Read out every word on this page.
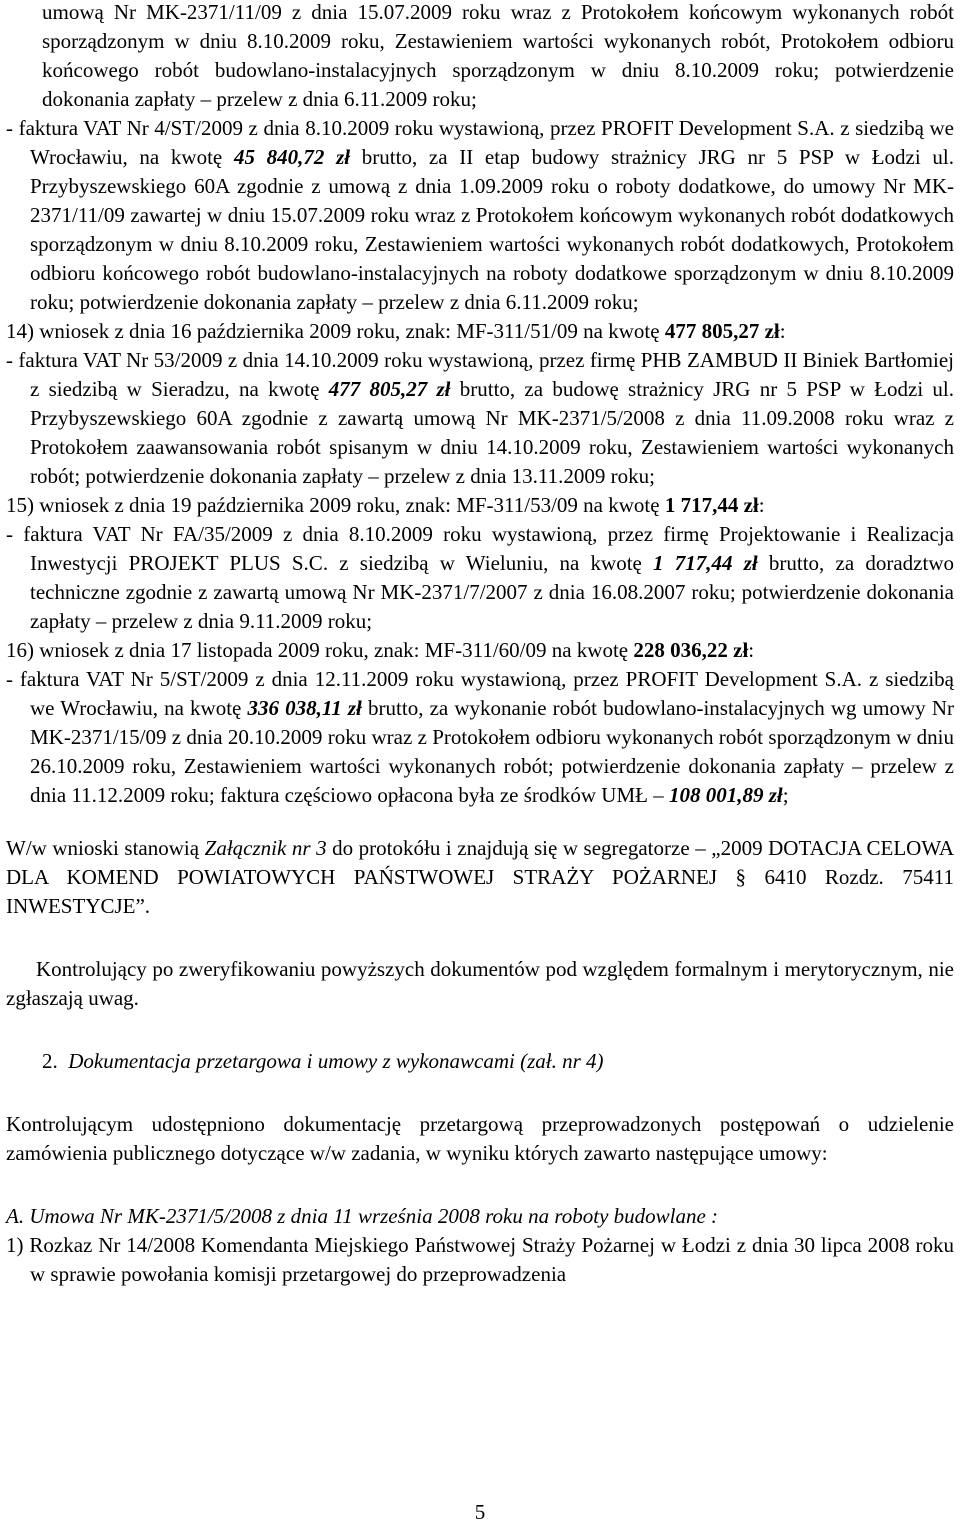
umową Nr MK-2371/11/09 z dnia 15.07.2009 roku wraz z Protokołem końcowym wykonanych robót sporządzonym w dniu 8.10.2009 roku, Zestawieniem wartości wykonanych robót, Protokołem odbioru końcowego robót budowlano-instalacyjnych sporządzonym w dniu 8.10.2009 roku; potwierdzenie dokonania zapłaty – przelew z dnia 6.11.2009 roku;

- faktura VAT Nr 4/ST/2009 z dnia 8.10.2009 roku wystawioną, przez PROFIT Development S.A. z siedzibą we Wrocławiu, na kwotę 45 840,72 zł brutto, za II etap budowy strażnicy JRG nr 5 PSP w Łodzi ul. Przybyszewskiego 60A zgodnie z umową z dnia 1.09.2009 roku o roboty dodatkowe, do umowy Nr MK-2371/11/09 zawartej w dniu 15.07.2009 roku wraz z Protokołem końcowym wykonanych robót dodatkowych sporządzonym w dniu 8.10.2009 roku, Zestawieniem wartości wykonanych robót dodatkowych, Protokołem odbioru końcowego robót budowlano-instalacyjnych na roboty dodatkowe sporządzonym w dniu 8.10.2009 roku; potwierdzenie dokonania zapłaty – przelew z dnia 6.11.2009 roku;

14) wniosek z dnia 16 października 2009 roku, znak: MF-311/51/09 na kwotę 477 805,27 zł:

- faktura VAT Nr 53/2009 z dnia 14.10.2009 roku wystawioną, przez firmę PHB ZAMBUD II Biniek Bartłomiej z siedzibą w Sieradzu, na kwotę 477 805,27 zł brutto, za budowę strażnicy JRG nr 5 PSP w Łodzi ul. Przybyszewskiego 60A zgodnie z zawartą umową Nr MK-2371/5/2008 z dnia 11.09.2008 roku wraz z Protokołem zaawansowania robót spisanym w dniu 14.10.2009 roku, Zestawieniem wartości wykonanych robót; potwierdzenie dokonania zapłaty – przelew z dnia 13.11.2009 roku;

15) wniosek z dnia 19 października 2009 roku, znak: MF-311/53/09 na kwotę 1 717,44 zł:

- faktura VAT Nr FA/35/2009 z dnia 8.10.2009 roku wystawioną, przez firmę Projektowanie i Realizacja Inwestycji PROJEKT PLUS S.C. z siedzibą w Wieluniu, na kwotę 1 717,44 zł brutto, za doradztwo techniczne zgodnie z zawartą umową Nr MK-2371/7/2007 z dnia 16.08.2007 roku; potwierdzenie dokonania zapłaty – przelew z dnia 9.11.2009 roku;

16) wniosek z dnia 17 listopada 2009 roku, znak: MF-311/60/09 na kwotę 228 036,22 zł:

- faktura VAT Nr 5/ST/2009 z dnia 12.11.2009 roku wystawioną, przez PROFIT Development S.A. z siedzibą we Wrocławiu, na kwotę 336 038,11 zł brutto, za wykonanie robót budowlano-instalacyjnych wg umowy Nr MK-2371/15/09 z dnia 20.10.2009 roku wraz z Protokołem odbioru wykonanych robót sporządzonym w dniu 26.10.2009 roku, Zestawieniem wartości wykonanych robót; potwierdzenie dokonania zapłaty – przelew z dnia 11.12.2009 roku; faktura częściowo opłacona była ze środków UMŁ – 108 001,89 zł;

W/w wnioski stanowią Załącznik nr 3 do protokółu i znajdują się w segregatorze – „2009 DOTACJA CELOWA DLA KOMEND POWIATOWYCH PAŃSTWOWEJ STRAŻY POŻARNEJ § 6410 Rozdz. 75411 INWESTYCJE”.

Kontrolujący po zweryfikowaniu powyższych dokumentów pod względem formalnym i merytorycznym, nie zgłaszają uwag.

2. Dokumentacja przetargowa i umowy z wykonawcami (zał. nr 4)

Kontrolującym udostępniono dokumentację przetargową przeprowadzonych postępowań o udzielenie zamówienia publicznego dotyczące w/w zadania, w wyniku których zawarto następujące umowy:

A. Umowa Nr MK-2371/5/2008 z dnia 11 września 2008 roku na roboty budowlane :

1) Rozkaz Nr 14/2008 Komendanta Miejskiego Państwowej Straży Pożarnej w Łodzi z dnia 30 lipca 2008 roku w sprawie powołania komisji przetargowej do przeprowadzenia

5
